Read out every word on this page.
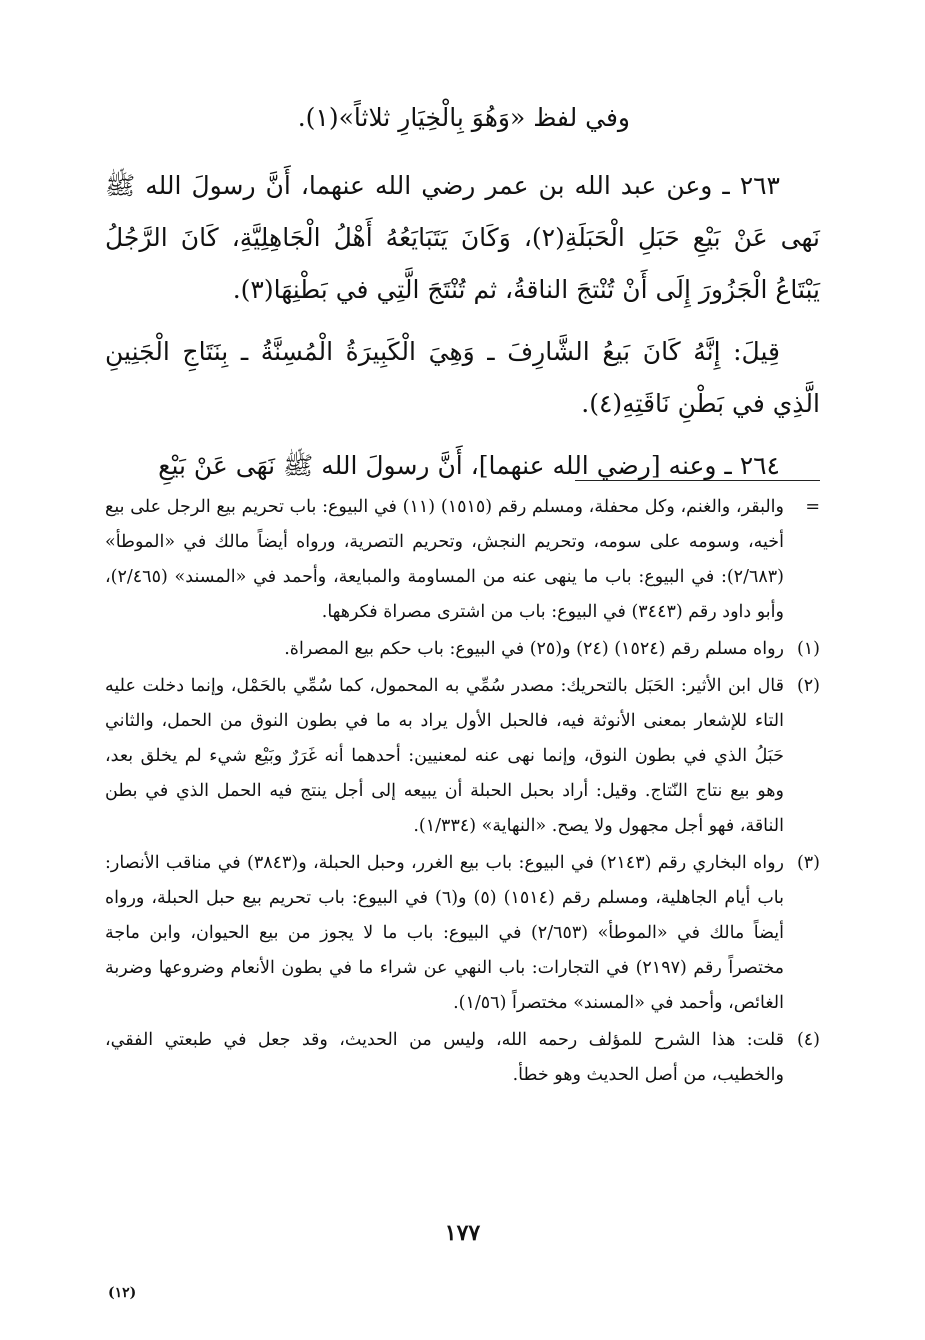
وفي لفظ «وَهُوَ بِالْخِيَارِ ثلاثاً»(١).

٢٦٣ ـ وعن عبد الله بن عمر رضي الله عنهما، أَنَّ رسولَ الله ﷺ نَهى عَنْ بَيْعِ حَبَلِ الْحَبَلَةِ(٢)، وَكَانَ يَتَبَايَعُهُ أَهْلُ الْجَاهِلِيَّةِ، كَانَ الرَّجُلُ يَبْتَاعُ الْجَزُورَ إِلَى أَنْ تُنْتجَ الناقةُ، ثم تُنْتَجَ الَّتِي في بَطْنِهَا(٣).

قِيلَ: إِنَّهُ كَانَ بَيعُ الشَّارِفَ ـ وَهِيَ الْكَبِيرَةُ الْمُسِنَّةُ ـ بِنَتَاجِ الْجَنِينِ الَّذِي في بَطْنِ نَاقَتِهِ(٤).

٢٦٤ ـ وعنه [رضي الله عنهما]، أَنَّ رسولَ الله ﷺ نَهَى عَنْ بَيْعِ

=
والبقر، والغنم، وكل محفلة، ومسلم رقم (١٥١٥) (١١) في البيوع: باب تحريم بيع الرجل على بيع أخيه، وسومه على سومه، وتحريم النجش، وتحريم التصرية، ورواه أيضاً مالك في «الموطأ» (٢/٦٨٣): في البيوع: باب ما ينهى عنه من المساومة والمبايعة، وأحمد في «المسند» (٢/٤٦٥)، وأبو داود رقم (٣٤٤٣) في البيوع: باب من اشترى مصراة فكرهها.
(١)
رواه مسلم رقم (١٥٢٤) (٢٤) و(٢٥) في البيوع: باب حكم بيع المصراة.
(٢)
قال ابن الأثير: الحَبَل بالتحريك: مصدر سُمِّي به المحمول، كما سُمِّي بالحَمْل، وإنما دخلت عليه التاء للإشعار بمعنى الأنوثة فيه، فالحبل الأول يراد به ما في بطون النوق من الحمل، والثاني حَبَلُ الذي في بطون النوق، وإنما نهى عنه لمعنيين: أحدهما أنه غَرَرٌ وبَيْع شيء لم يخلق بعد، وهو بيع نتاج النّتاج. وقيل: أراد بحبل الحبلة أن يبيعه إلى أجل ينتج فيه الحمل الذي في بطن الناقة، فهو أجل مجهول ولا يصح. «النهاية» (١/٣٣٤).
(٣)
رواه البخاري رقم (٢١٤٣) في البيوع: باب بيع الغرر، وحبل الحبلة، و(٣٨٤٣) في مناقب الأنصار: باب أيام الجاهلية، ومسلم رقم (١٥١٤) (٥) و(٦) في البيوع: باب تحريم بيع حبل الحبلة، ورواه أيضاً مالك في «الموطأ» (٢/٦٥٣) في البيوع: باب ما لا يجوز من بيع الحيوان، وابن ماجة مختصراً رقم (٢١٩٧) في التجارات: باب النهي عن شراء ما في بطون الأنعام وضروعها وضربة الغائص، وأحمد في «المسند» مختصراً (١/٥٦).
(٤)
قلت: هذا الشرح للمؤلف رحمه الله، وليس من الحديث، وقد جعل في طبعتي الفقي، والخطيب، من أصل الحديث وهو خطأ.
١٧٧
(١٢)
